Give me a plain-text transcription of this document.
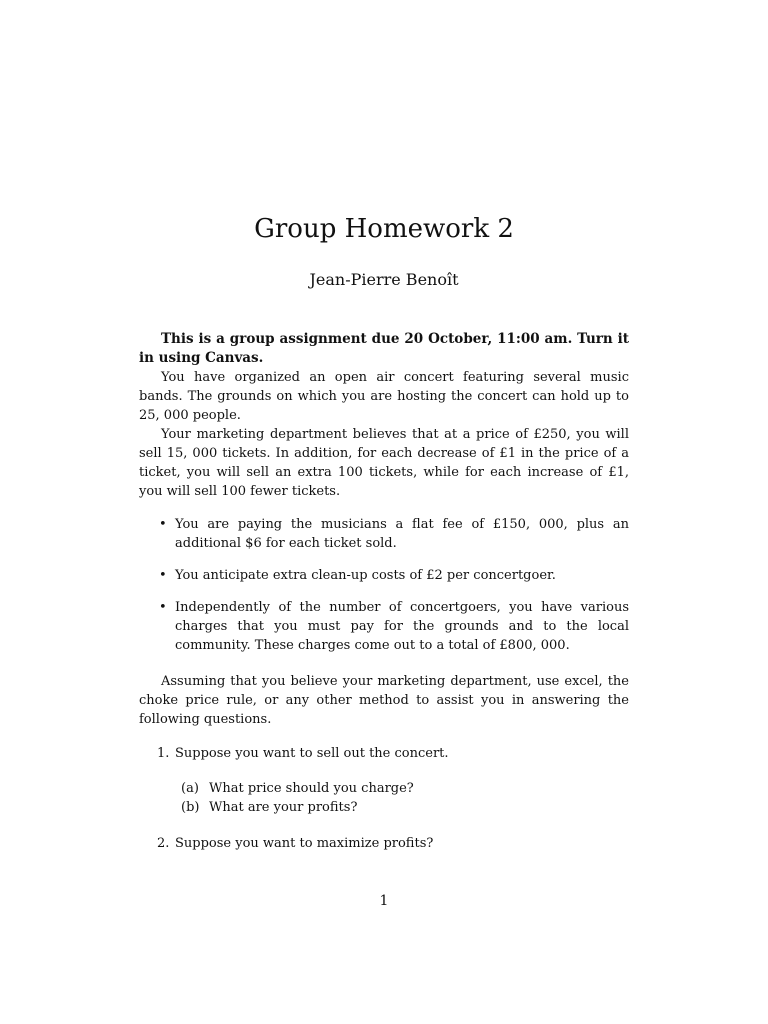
Group Homework 2
Jean-Pierre Benoît

This is a group assignment due 20 October, 11:00 am. Turn it in using Canvas.

You have organized an open air concert featuring several music bands. The grounds on which you are hosting the concert can hold up to 25, 000 people.

Your marketing department believes that at a price of £250, you will sell 15, 000 tickets. In addition, for each decrease of £1 in the price of a ticket, you will sell an extra 100 tickets, while for each increase of £1, you will sell 100 fewer tickets.

• You are paying the musicians a flat fee of £150, 000, plus an additional $6 for each ticket sold.
• You anticipate extra clean-up costs of £2 per concertgoer.
• Independently of the number of concertgoers, you have various charges that you must pay for the grounds and to the local community. These charges come out to a total of £800, 000.

Assuming that you believe your marketing department, use excel, the choke price rule, or any other method to assist you in answering the following questions.

1. Suppose you want to sell out the concert.
(a) What price should you charge?
(b) What are your profits?
2. Suppose you want to maximize profits?
1
